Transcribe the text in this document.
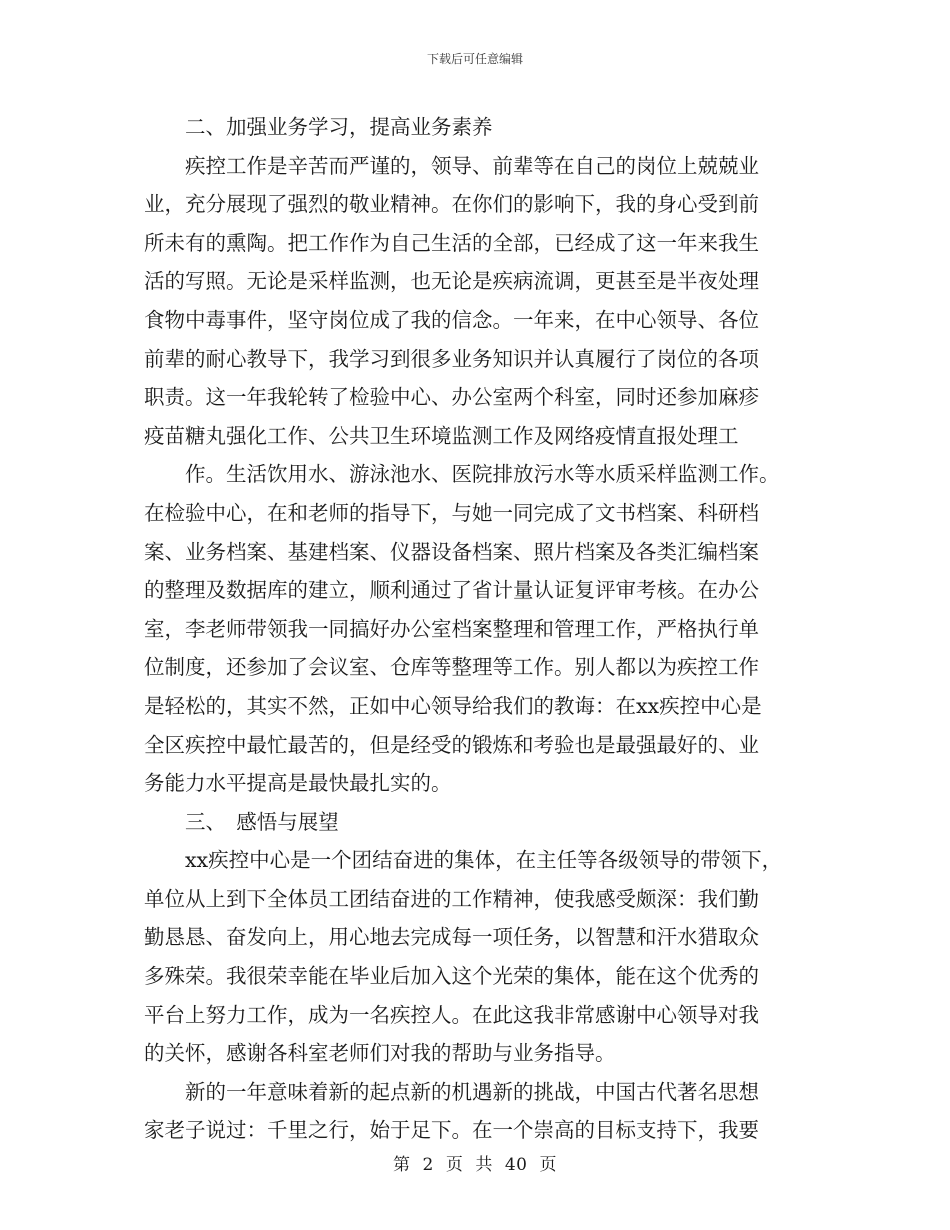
下载后可任意编辑
二、加强业务学习，提高业务素养
疾控工作是辛苦而严谨的，领导、前辈等在自己的岗位上兢兢业
业，充分展现了强烈的敬业精神。在你们的影响下，我的身心受到前
所未有的熏陶。把工作作为自己生活的全部，已经成了这一年来我生
活的写照。无论是采样监测，也无论是疾病流调，更甚至是半夜处理
食物中毒事件，坚守岗位成了我的信念。一年来，在中心领导、各位
前辈的耐心教导下，我学习到很多业务知识并认真履行了岗位的各项
职责。这一年我轮转了检验中心、办公室两个科室，同时还参加麻疹
疫苗糖丸强化工作、公共卫生环境监测工作及网络疫情直报处理工
作。生活饮用水、游泳池水、医院排放污水等水质采样监测工作。
在检验中心，在和老师的指导下，与她一同完成了文书档案、科研档
案、业务档案、基建档案、仪器设备档案、照片档案及各类汇编档案
的整理及数据库的建立，顺利通过了省计量认证复评审考核。在办公
室，李老师带领我一同搞好办公室档案整理和管理工作，严格执行单
位制度，还参加了会议室、仓库等整理等工作。别人都以为疾控工作
是轻松的，其实不然，正如中心领导给我们的教诲：在xx疾控中心是
全区疾控中最忙最苦的，但是经受的锻炼和考验也是最强最好的、业
务能力水平提高是最快最扎实的。
三、　感悟与展望
xx疾控中心是一个团结奋进的集体，在主任等各级领导的带领下，
单位从上到下全体员工团结奋进的工作精神，使我感受颇深：我们勤
勤恳恳、奋发向上，用心地去完成每一项任务，以智慧和汗水猎取众
多殊荣。我很荣幸能在毕业后加入这个光荣的集体，能在这个优秀的
平台上努力工作，成为一名疾控人。在此这我非常感谢中心领导对我
的关怀，感谢各科室老师们对我的帮助与业务指导。
新的一年意味着新的起点新的机遇新的挑战，中国古代著名思想
家老子说过：千里之行，始于足下。在一个崇高的目标支持下，我要
第 2 页 共 40 页
